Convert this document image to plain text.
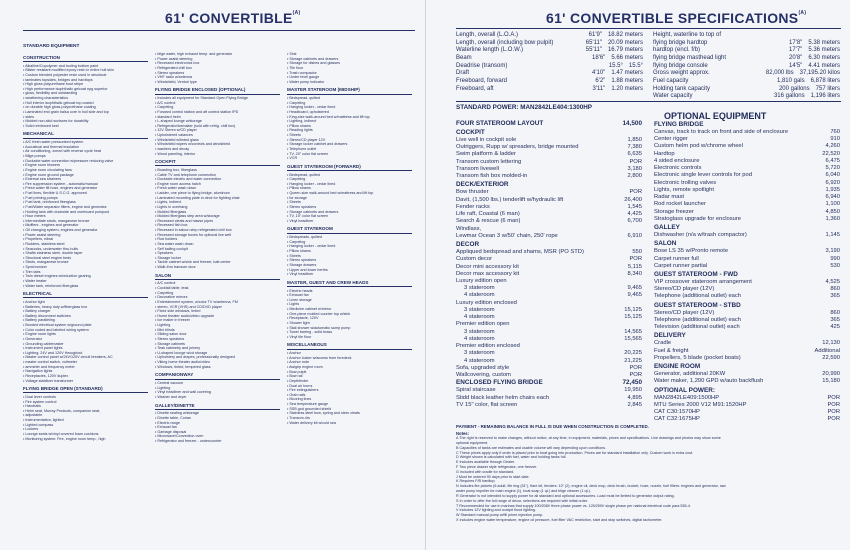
61' $CONVERTIBLE^{(A)}$
STANDARD EQUIPMENT
CONSTRUCTION
• Alkalline/Copolymer and tooling bottom paint
• Blister resistant modified epoxy resin in entire hull skin
• Custom blended polyester resin used in structural
• laminates topsides, bridges and hardtops
• High gloss polyurethane boot stripe
• High performance isophthalic gelcoat npg superior
• gloss, flexibility and outstanding
• weathering characteristics
• Hull interior isophthalic gelcoat top coated
• on durable high gloss polyurethane coating
• Laminated end grain balsa core in hull side and top
• sides
• Molded non-skid surfaces for durability
• Solid reinforced keel
MECHANICAL
• A/C fresh water pressurized system
• Acoustical and thermal insulation
• Air conditioning, zoned with reverse cycle heat
• Bilge pumps
• Dockside water connection w/pressure reducing valve
• Engine room blowers
• Engine room circulating fans
• Engine room ground package
• External sea strainers
• Fire suppression system - automatic/manual
• Fresh water fill hose, engines and generator
• Fuel lines, flexible U.S.C.G. approved
• Fuel priming pumps
• Fuel tank, reinforced fiberglass
• Fuel/Water separator filters, engine and generator
• Holding tank with dockside and overboard pumpout
• Hour meters
• Intermediate struts, manganese bronze
• Mufflers - engines and generator
• Oil changing system, engines and generator
• Power assist steering
• Propellers, nibral
• Rudders, stainless steel
• Seacocks, underwater thru-hulls
• Shafts stainless steel, double taper
• Structural steel engine beds
• Struts, manganese bronze
• Synchronizer
• Trim tabs
• Twin diesel engines w/reduction gearing
• Water heater
• Water tank, reinforced fiberglass
ELECTRICAL
• Anchor light
• Batteries, heavy duty w/fiberglass box
• Battery charger
• Battery disconnect switches
• Battery paralleling
• Bonded electrical system w/ground plate
• Color coded and labeled wiring system
• Engine room lights
• Generator
• Grounding cablemaster
• Instrument panel lights
• Lighting, 24V and 120V throughout
• Master control panel w/24V/120V circuit breakers, AC
• master control switch, voltmeter
• ammeter and frequency meter
• Navigation lights
• Receptacles, 120V duplex
• Voltage stabilizer transformer
FLYING BRIDGE OPEN (STANDARD)
• Dual lever controls
• Fire system control
• Handrails
• Helm seat, Murray Products, companion seat,
• adjustable
• Instrumentation, lighted
• Lighted compass
• Lockers
• Lounge seats w/vinyl covered foam cushions
• Monitoring system: Fire, engine room temp., high
• bilge water, high exhaust temp. and generator
• Power assist steering
• Recessed electronics box
• Refrigerated chill box
• Stereo speakers
• VHF radio w/antenna
• Windshield, Venturi type
FLYING BRIDGE ENCLOSED (OPTIONAL)
• Includes all equipment for Standard Open Flying Bridge
• A/C control
• Carpeting
• Forward control station and aft control station IPD
• standard helm
• L-shaped lounge w/storage
• Refrigerator/icemaker (sold with refrig. chill box)
• 12V Stereo w/CD player
• Upholstered valances
• Windshield w/tinted glass
• Windshield wipers w/controls and windshield
• washers and decay
• Wood paneling, interior
COCKPIT
• Boarding box, fiberglass
• Cable TV and telephone connection
• Dockside electric and water connection
• Engine room access hatch
• Fresh water wash down
• Ladder, one piece to flying bridge, aluminum
• Laminated mounting plate in deck for fighting chair
• Lights, indirect
• Lights in overhang
• Molded fiberglass
• Molded fiberglass step area w/storage
• Recessed cleats and hawse pipes
• Recessed fish box
• Recessed in saloon step refrigerated chill box
• Recessed storage boxes for optional live well
• Rod holders
• Sea water wash down
• Self bailing cockpit
• Speakers
• Storage locker
• Tackle cabinet w/sink and freezer, bait center
• Walk-thru transom door
SALON
• A/C control
• Cocktail table, teak
• Carpeting
• Decorative mirrors
• Entertainment system, w/color TV w/antenna, FM
• stereo, VCR (VHS) and CD/DVD player
• Fixed side windows, tinted
• Home theater audio/video upgrade
• Ice maker in freezer
• Lighting
• Mini blinds
• Sliding salon door
• Stereo speakers
• Storage cabinets
• Teak cabinetry and joinery
• U-shaped lounge w/cd storage
• Upholstery and drapes, professionally designed
• Viking home theater audio/video
• Windows, tinted, tempered glass
COMPANIONWAY
• Central vacuum
• Lighting
• Vinyl headliner and wall covering
• Washer and dryer
GALLEY/DINETTE
• Dinette seating w/storage
• Dinette table, Corian
• Electric range
• Exhaust fan
• Garbage disposal
• Microwave/Convection oven
• Refrigerator and freezer - undercounter
• Sink
• Storage cabinets and drawers
• Storage for dishes and glasses
• Tile floor
• Trash compactor
• Under level gauge
• Water pump indicator
MASTER STATEROOM (MIDSHIP)
• Bedspread, quilted
• Carpeting
• Hanging locker - cedar lined
• Headboard, upholstered
• King-size walk-around bed w/mattress and lift top
• Lighting, indirect
• Pillow shams
• Reading lights
• Sheets
• Stereo/CD player 12V
• Storage locker cabinet and drawers
• Telephone outlet
• TV, 20" color flat screen
• VCR
GUEST STATEROOM (FORWARD)
• Bedspread, quilted
• Carpeting
• Hanging locker - cedar lined
• Pillow shams
• Queen-size walk-around bed w/mattress and lift top
• for storage
• Sheets
• Stereo speakers
• Storage cabinets and drawers
• TV, 15" color flat screen
• Vinyl headliner
GUEST STATEROOM
• Bedspreads, quilted
• Carpeting
• Hanging locker - cedar lined
• Pillow shams
• Sheets
• Stereo speakers
• Storage drawers
• Upper and lower berths
• Vinyl headliner
MASTER, GUEST AND CREW HEADS
• Electric heads
• Exhaust fan
• Linen storage
• Lights
• Medicine cabinet w/mirror
• One-piece molded counter top w/sink
• Receptacle, 120V
• Shower light
• Stall shower w/automatic sump pump
• Towel barring - solid brass
• Vinyl tile floor
MISCELLANEOUS
• Anchor
• Anchor locker w/access from foredeck
• Anchor rode
• Awlgrip engine room
• Bow pulpit
• Bow rail
• Depthfinder
• Dual air horns
• Fire extinguishers
• Grab rails
• Mooring lines
• Sea temperature gauge
• SSB god grounded shield
• Stainless steel bow, spring and stern cleats
• Transom drs
• Water delivery kit w/cold sea
61' CONVERTIBLE $SPECIFICATIONS^{(A)}$
Length, overall (L.O.A.)	61'9" 18.82 meters
Length, overall (including bow pulpit)	65'11" 20.09 meters
Waterline length (L.O.W.)	55'11" 16.79 meters
Beam	18'6" 5.66 meters
Deadrise (transom)	15.5° 15.5°
Draft	4'10" 1.47 meters
Freeboard, forward	6'2" 1.88 meters
Freeboard, aft	3'11" 1.20 meters
Height, waterline to top of
flying bridge hardtop	17'8" 5.38 meters
hardtop (encl. f/b)	17'7" 5.36 meters
flying bridge masthead light	20'8" 6.30 meters
flying bridge console	14'5" 4.41 meters
Gross weight approx.	82,000 lbs 37,195.20 kilos
Fuel capacity	1,810 gals 6,878 liters
Holding tank capacity	200 gallons 757 liters
Water capacity	316 gallons 1,196 liters
STANDARD POWER: MAN2842LE404:1300HP
OPTIONAL EQUIPMENT
FOUR STATEROOM LAYOUT	14,500
COCKPIT
Live well in cockpit sole	1,850
Outriggers, Rupp w/ spreaders, bridge mounted	7,380
Swim platform & ladder	6,635
Transom custom lettering	POR
Transom livewell	3,180
Transom fish box molded-in	2,800
DECK/EXTERIOR
Bow thruster	POR
Davit, (1,500 lbs.) tenderlift w/hydraulic lift	26,400
Fender racks	1,545
Life raft, Coastal (6 man)	4,425
Search & rescue (6 man)	6,700
Windlass,
Lewmar Ocean 3 w/50' chain, 250' rope	6,910
DECOR
Appliqued bedspread and shams, MSR (PO STD)	550
Custom decor	POR
Decor mini accessory kit	5,115
Decor max accessory kit	8,340
Luxury edition open
3 stateroom	9,465
4 stateroom	9,465
Luxury edition enclosed
3 stateroom	15,125
4 stateroom	15,125
Premier edition open
3 stateroom	14,565
4 stateroom	15,565
Premier edition enclosed
3 stateroom	20,225
4 stateroom	21,225
Sofa, upgraded style	POR
Wallcovering, custom	POR
ENCLOSED FLYING BRIDGE	72,450
Spiral staircase	19,950
Stidd black leather helm chairs each	4,895
TV 15" color, flat screen	2,845
FLYING BRIDGE
Canvas, track to track on front and side of enclosure	760
Center rigger	910
Custom helm pod w/chrome wheel	4,260
Hardtop	22,520
4 sided enclosure	6,475
Electronic controls	5,720
Electronic single lever controls for pod	6,040
Electronic trolling valves	6,920
Lights, remote spotlight	1,935
Radar mast	6,940
Rod rocket launcher	1,100
Storage freezer	4,850
Stratoglass upgrade for enclosure	1,360
GALLEY
Dishwasher (n/a w/trash compactor)	1,145
SALON
Bose LS 35 w/Pronto remote	3,190
Carpet runner full	990
Carpet runner partial	530
GUEST STATEROOM - FWD
VIP crossover stateroom arrangement	4,525
Stereo/CD player (12V)	860
Telephone (additional outlet) each	365
GUEST STATEROOM - STBD
Stereo/CD player (12V)	860
Telephone (additional outlet) each	365
Television (additional outlet) each	425
DELIVERY
Cradle	12,130
Fuel & freight	Additional
Propellers, 5 blade (pocket boats)	22,590
ENGINE ROOM
Generator, additional 20KW	20,990
Water maker, 1,200 GPD w/auto backflush	15,180
OPTIONAL POWER:
MAN2842LE409:1500HP	POR
MTU Series 2000 V12 M91:1520HP	POR
CAT C30:1570HP	POR
CAT C32:1675HP	POR
PAYMENT - REMAINING BALANCE IN FULL IS DUE WHEN CONSTRUCTION IS COMPLETED.
Notes:
A The right is reserved to make changes, without notice, at any time, in equipment, materials, prices and specifications. Line drawings and photos may show some
optional equipment.
B Capacities of tanks are estimates and usable volume will vary depending upon conditions.
C These prices apply only if order is placed prior to boat going into production. Prices are for standard installation only. Custom work is extra cost.
D Weight shown is calculated with fuel, water and holding tanks full.
E Includes available through Dealer.
F Two piece drawer style refrigerator, one freezer.
G Included with cradle for standard.
J Must be ordered 90 days prior to start date.
K Requires F/B hardtop.
N Includes fire pickets (6 adult, life ring (51"), flare kit, fenders: 10" (2), engine oil, deck mop, deck brush, bucket, hose, nozzle, fuel filters: engines and generator, raw
water pump impeller for main engine (1), boat soap (1 qt.) and bilge cleaner (1 qt.).
R Generator is not intended to supply power for all standard and optional accessories. Load must be limited to generator output rating.
S In order to offer the full range of decor, selections are required with initial order.
T Recommended for use in marinas that supply 100/208V three phase power vs. 125/250V single phase per national electrical code para 555-4.
V Includes 12V lighting and cockpit flood lighting.
W Standard manual pump w/fill prime injection pump.
X Includes engine water temperature, engine oil pressure, fuel filter VAC restriction, start and stop switches, digital tachometer.
